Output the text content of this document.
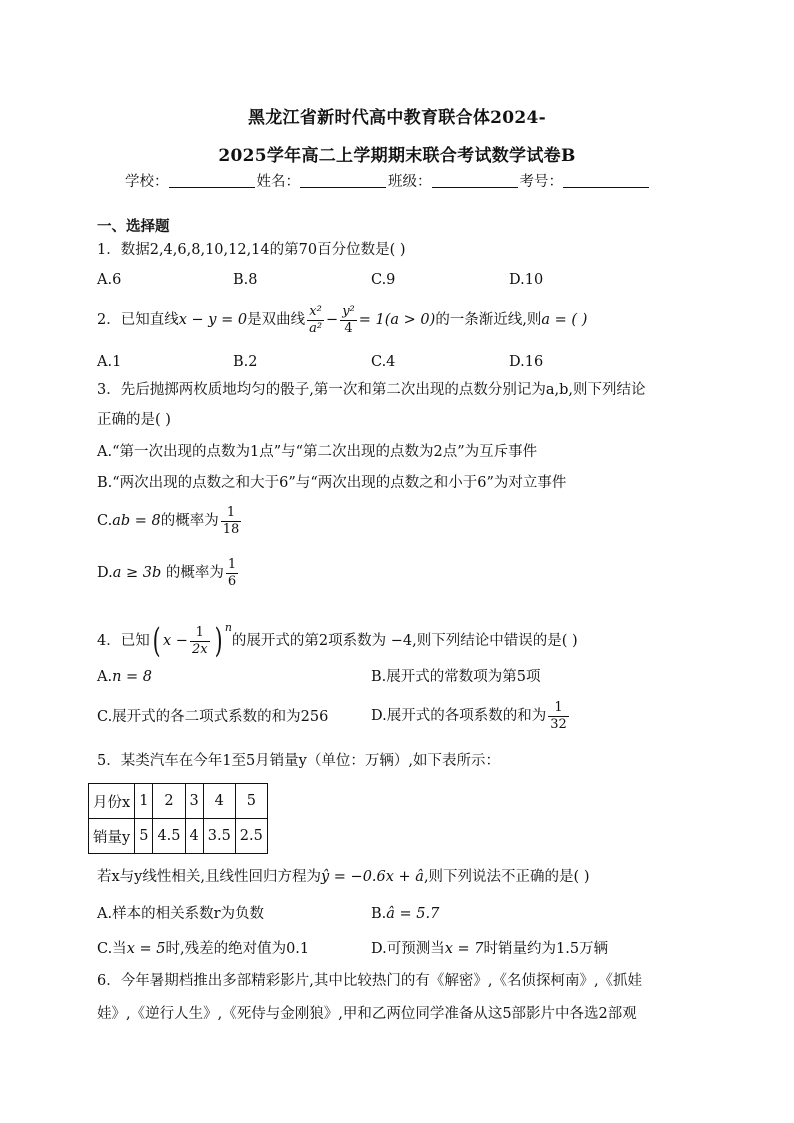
黑龙江省新时代高中教育联合体2024-
2025学年高二上学期期末联合考试数学试卷B
学校：	姓名：	班级：	考号：
一、选择题
1．数据2,4,6,8,10,12,14的第70百分位数是( )
A.6	B.8	C.9	D.10
2．已知直线x − y = 0是双曲线 $\frac{\text{x²}}{\text{a²}} - \frac{\text{y²}}{4} = 1(a > 0)$的一条渐近线,则a = ( )
A.1	B.2	C.4	D.16
3．先后抛掷两枚质地均匀的骰子,第一次和第二次出现的点数分别记为a,b,则下列结论
正确的是( )
A.“第一次出现的点数为1点”与“第二次出现的点数为2点”为互斥事件
B.“两次出现的点数之和大于6”与“两次出现的点数之和小于6”为对立事件
C.ab = 8的概率为 $\frac{1}{18}$
D.a ≥ 3b 的概率为 $\frac{1}{6}$
4．已知( $x - \frac{1}{2x}$ ) $^n$的展开式的第2项系数为 −4,则下列结论中错误的是( )
A.n = 8	B.展开式的常数项为第5项
C.展开式的各二项式系数的和为256	D.展开式的各项系数的和为 $\frac{1}{32}$
5．某类汽车在今年1至5月销量y（单位：万辆）,如下表所示：
月份x	1	2	3	4	5
销量y	5	4.5	4	3.5	2.5
若x与y线性相关,且线性回归方程为ŷ = −0.6x + â,则下列说法不正确的是( )
A.样本的相关系数r为负数	B.â = 5.7
C.当x = 5时,残差的绝对值为0.1	D.可预测当x = 7时销量约为1.5万辆
6．今年暑期档推出多部精彩影片,其中比较热门的有《解密》,《名侦探柯南》,《抓娃
娃》,《逆行人生》,《死侍与金刚狼》,甲和乙两位同学准备从这5部影片中各选2部观
